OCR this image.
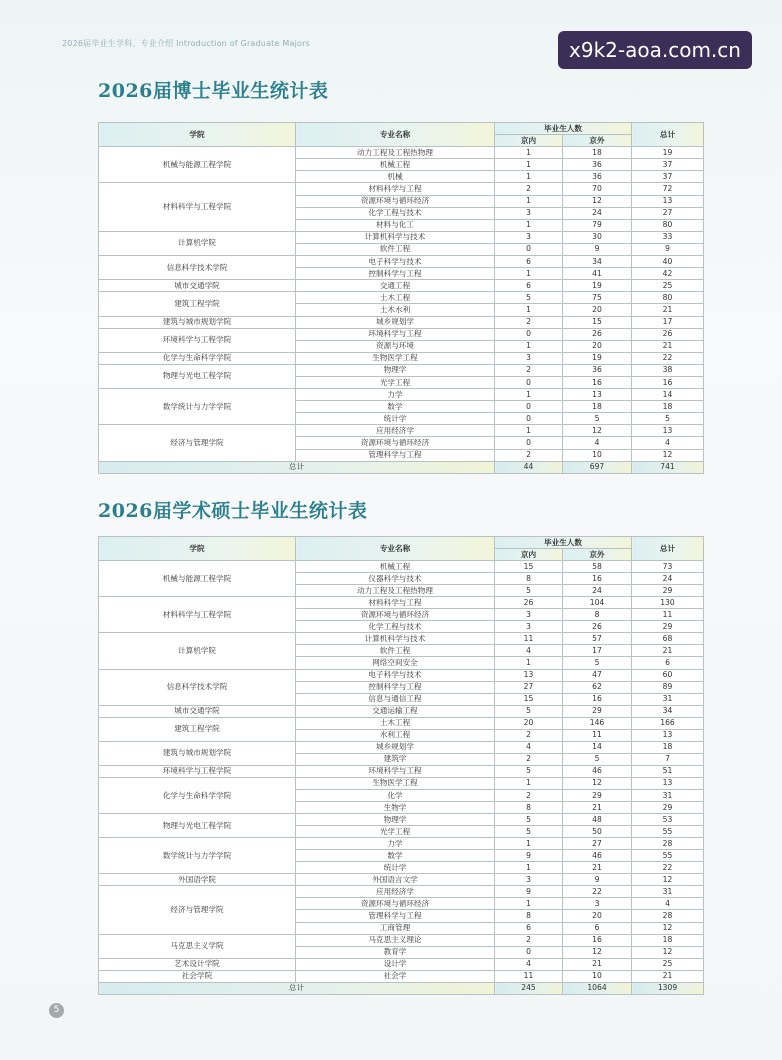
2026届毕业生学科、专业介绍 Introduction of Graduate Majors	x9k2-aoa.com.cn
2026届博士毕业生统计表
学院	专业名称	毕业生人数		总计
		京内	京外	
机械与能源工程学院	动力工程及工程热物理	1	18	19
	机械工程	1	36	37
	机械	1	36	37
材料科学与工程学院	材料科学与工程	2	70	72
	资源环境与循环经济	1	12	13
	化学工程与技术	3	24	27
	材料与化工	1	79	80
计算机学院	计算机科学与技术	3	30	33
	软件工程	0	9	9
信息科学技术学院	电子科学与技术	6	34	40
	控制科学与工程	1	41	42
城市交通学院	交通工程	6	19	25
建筑工程学院	土木工程	5	75	80
	土木水利	1	20	21
建筑与城市规划学院	城乡规划学	2	15	17
环境科学与工程学院	环境科学与工程	0	26	26
	资源与环境	1	20	21
化学与生命科学学院	生物医学工程	3	19	22
物理与光电工程学院	物理学	2	36	38
	光学工程	0	16	16
数学统计与力学学院	力学	1	13	14
	数学	0	18	18
	统计学	0	5	5
经济与管理学院	应用经济学	1	12	13
	资源环境与循环经济	0	4	4
	管理科学与工程	2	10	12
总计		44	697	741
2026届学术硕士毕业生统计表
学院	专业名称	毕业生人数		总计
		京内	京外	
机械与能源工程学院	机械工程	15	58	73
	仪器科学与技术	8	16	24
	动力工程及工程热物理	5	24	29
材料科学与工程学院	材料科学与工程	26	104	130
	资源环境与循环经济	3	8	11
	化学工程与技术	3	26	29
计算机学院	计算机科学与技术	11	57	68
	软件工程	4	17	21
	网络空间安全	1	5	6
信息科学技术学院	电子科学与技术	13	47	60
	控制科学与工程	27	62	89
	信息与通信工程	15	16	31
城市交通学院	交通运输工程	5	29	34
建筑工程学院	土木工程	20	146	166
	水利工程	2	11	13
建筑与城市规划学院	城乡规划学	4	14	18
	建筑学	2	5	7
环境科学与工程学院	环境科学与工程	5	46	51
化学与生命科学学院	生物医学工程	1	12	13
	化学	2	29	31
	生物学	8	21	29
物理与光电工程学院	物理学	5	48	53
	光学工程	5	50	55
数学统计与力学学院	力学	1	27	28
	数学	9	46	55
	统计学	1	21	22
外国语学院	外国语言文学	3	9	12
经济与管理学院	应用经济学	9	22	31
	资源环境与循环经济	1	3	4
	管理科学与工程	8	20	28
	工商管理	6	6	12
马克思主义学院	马克思主义理论	2	16	18
	教育学	0	12	12
艺术设计学院	设计学	4	21	25
社会学院	社会学	11	10	21
总计		245	1064	1309
5
